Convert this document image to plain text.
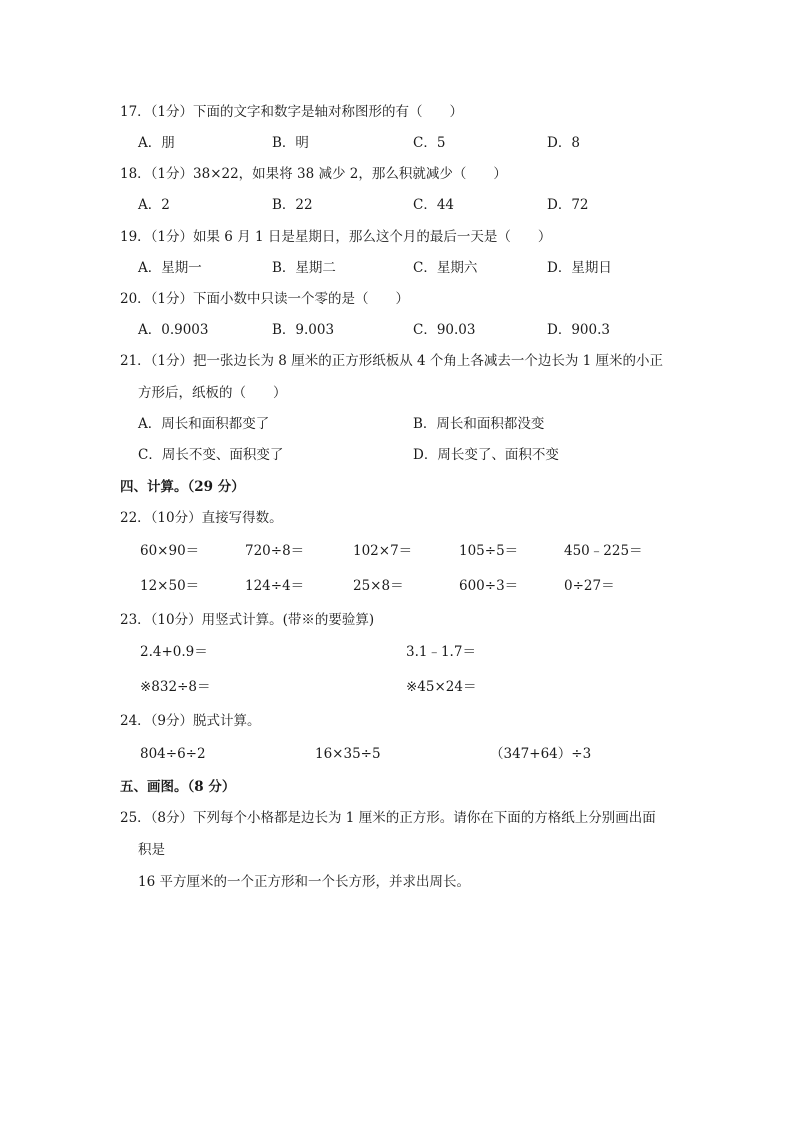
17．（1分）下面的文字和数字是轴对称图形的有（　　）
A．朋	B．明	C．5	D．8
18．（1分）38×22，如果将 38 减少 2，那么积就减少（　　）
A．2	B．22	C．44	D．72
19．（1分）如果 6 月 1 日是星期日，那么这个月的最后一天是（　　）
A．星期一	B．星期二	C．星期六	D．星期日
20．（1分）下面小数中只读一个零的是（　　）
A．0.9003	B．9.003	C．90.03	D．900.3
21．（1分）把一张边长为 8 厘米的正方形纸板从 4 个角上各减去一个边长为 1 厘米的小正
方形后，纸板的（　　）
A．周长和面积都变了	B．周长和面积都没变
C．周长不变、面积变了	D．周长变了、面积不变
四、计算。（29 分）
22．（10分）直接写得数。
60×90＝	720÷8＝	102×7＝	105÷5＝	450﹣225＝
12×50＝	124÷4＝	25×8＝	600÷3＝	0÷27＝
23．（10分）用竖式计算。(带※的要验算)
2.4+0.9＝	3.1﹣1.7＝
※832÷8＝	※45×24＝
24．（9分）脱式计算。
804÷6÷2	16×35÷5	（347+64）÷3
五、画图。（8 分）
25．（8分）下列每个小格都是边长为 1 厘米的正方形。请你在下面的方格纸上分别画出面
积是
16 平方厘米的一个正方形和一个长方形，并求出周长。
